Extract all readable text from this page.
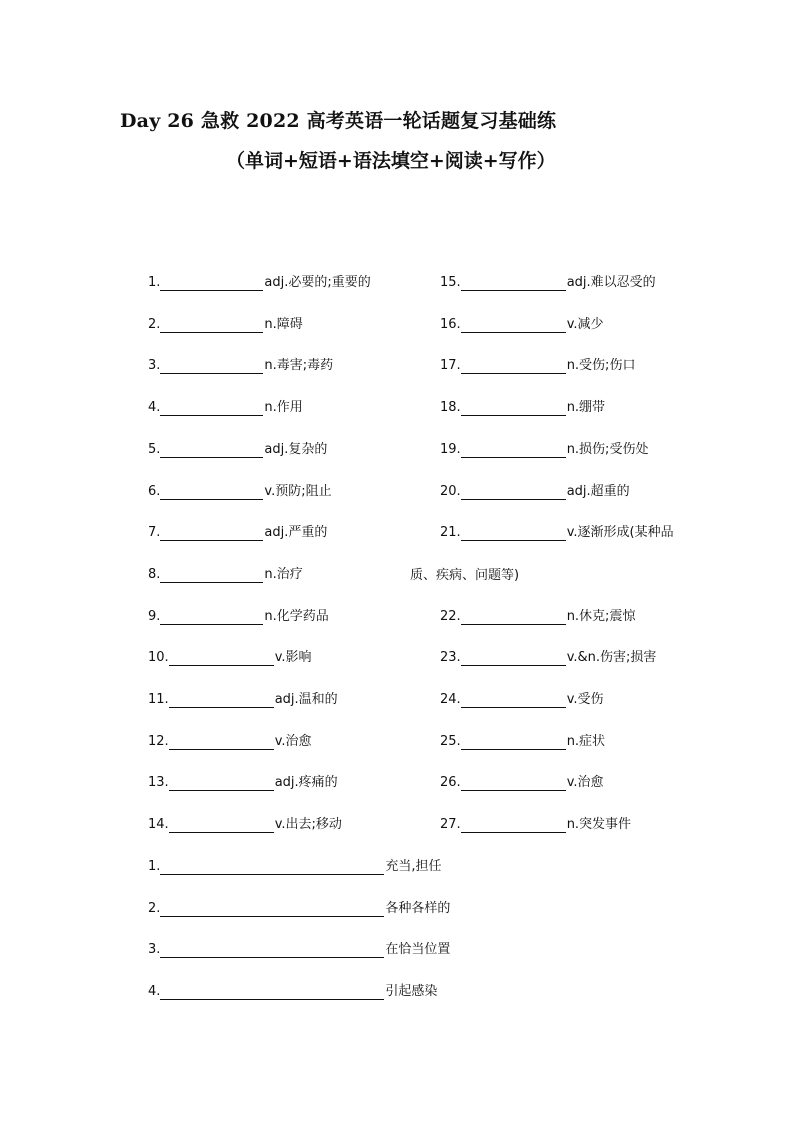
Day 26 急救 2022 高考英语一轮话题复习基础练
（单词+短语+语法填空+阅读+写作）
1.	adj.必要的;重要的
2.	n.障碍
3.	n.毒害;毒药
4.	n.作用
5.	adj.复杂的
6.	v.预防;阻止
7.	adj.严重的
8.	n.治疗
9.	n.化学药品
10.	v.影响
11.	adj.温和的
12.	v.治愈
13.	adj.疼痛的
14.	v.出去;移动
15.	adj.难以忍受的
16.	v.减少
17.	n.受伤;伤口
18.	n.绷带
19.	n.损伤;受伤处
20.	adj.超重的
21.	v.逐渐形成(某种品
22.	n.休克;震惊
23.	v.&n.伤害;损害
24.	v.受伤
25.	n.症状
26.	v.治愈
27.	n.突发事件
质、疾病、问题等)
1.	充当,担任
2.	各种各样的
3.	在恰当位置
4.	引起感染
